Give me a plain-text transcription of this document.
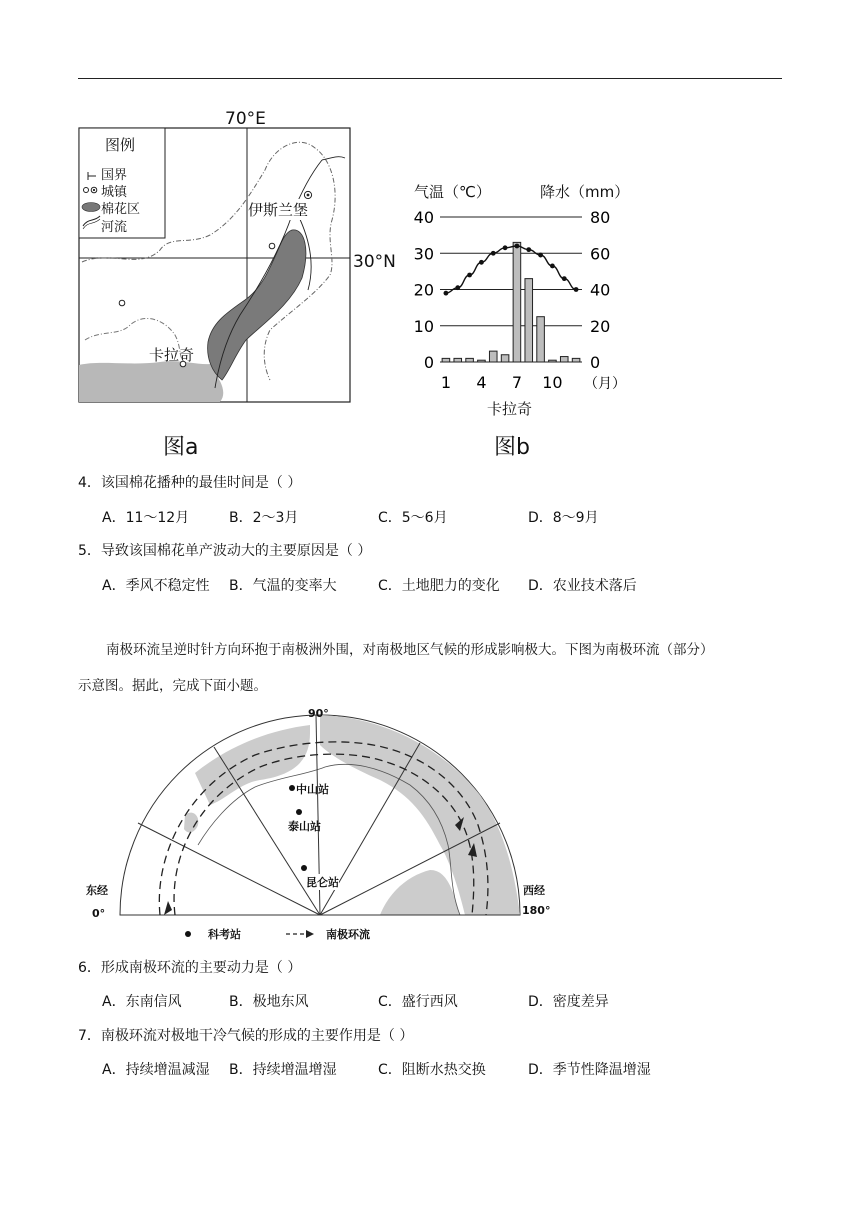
70°E
30°N
图例
国界
城镇
棉花区
河流
伊斯兰堡
卡拉奇
图a
气温（℃）	降水（mm）
0
10
20
30
40
0
20
40
60
80
1 4 7 10 （月）
卡拉奇
图b
4．该国棉花播种的最佳时间是（ ）
A．11～12月	B．2～3月	C．5～6月	D．8～9月
5．导致该国棉花单产波动大的主要原因是（ ）
A．季风不稳定性 B．气温的变率大	C．土地肥力的变化 D．农业技术落后
南极环流呈逆时针方向环抱于南极洲外围，对南极地区气候的形成影响极大。下图为南极环流（部分）
示意图。据此，完成下面小题。
90°
东经
0°
西经
180°
中山站
泰山站
昆仑站
科考站	南极环流
6．形成南极环流的主要动力是（ ）
A．东南信风	B．极地东风	C．盛行西风	D．密度差异
7．南极环流对极地干冷气候的形成的主要作用是（ ）
A．持续增温减湿 B．持续增温增湿	C．阻断水热交换	D．季节性降温增湿
